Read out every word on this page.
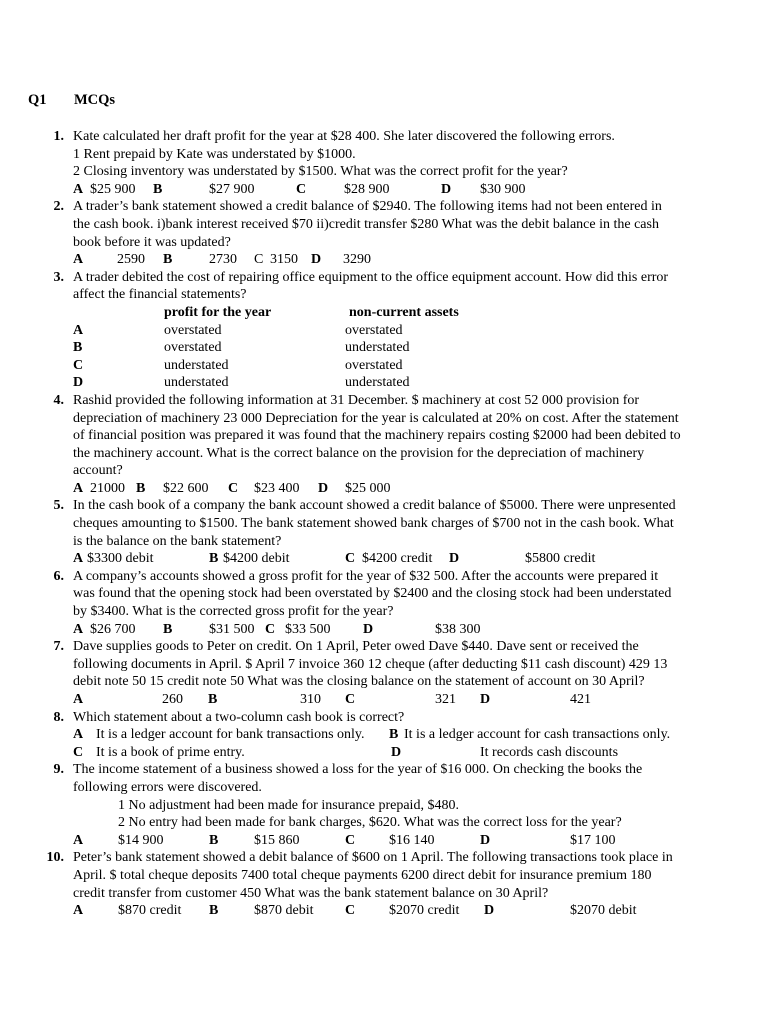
Q1 MCQs
1. Kate calculated her draft profit for the year at $28 400. She later discovered the following errors.
1 Rent prepaid by Kate was understated by $1000.
2 Closing inventory was understated by $1500. What was the correct profit for the year?
A $25 900 B	$27 900	C	$28 900	D $30 900
2. A trader’s bank statement showed a credit balance of $2940. The following items had not been entered in
the cash book. i)bank interest received $70 ii)credit transfer $280 What was the debit balance in the cash
book before it was updated?
A 2590 B	2730 C 3150 D 3290
3. A trader debited the cost of repairing office equipment to the office equipment account. How did this error
affect the financial statements?
profit for the year	non-current assets
A	overstated	overstated
B	overstated	understated
C	understated	overstated
D	understated	understated
4. Rashid provided the following information at 31 December. $ machinery at cost 52 000 provision for
depreciation of machinery 23 000 Depreciation for the year is calculated at 20% on cost. After the statement
of financial position was prepared it was found that the machinery repairs costing $2000 had been debited to
the machinery account. What is the correct balance on the provision for the depreciation of machinery
account?
A 21000 B $22 600 C $23 400 D $25 000
5. In the cash book of a company the bank account showed a credit balance of $5000. There were unpresented
cheques amounting to $1500. The bank statement showed bank charges of $700 not in the cash book. What
is the balance on the bank statement?
A $3300 debit	B $4200 debit	C $4200 credit D	$5800 credit
6. A company’s accounts showed a gross profit for the year of $32 500. After the accounts were prepared it
was found that the opening stock had been overstated by $2400 and the closing stock had been understated
by $3400. What is the corrected gross profit for the year?
A $26 700 B	$31 500 C $33 500 D	$38 300
7. Dave supplies goods to Peter on credit. On 1 April, Peter owed Dave $440. Dave sent or received the
following documents in April. $ April 7 invoice 360 12 cheque (after deducting $11 cash discount) 429 13
debit note 50 15 credit note 50 What was the closing balance on the statement of account on 30 April?
A	260 B	310 C	321 D	421
8. Which statement about a two-column cash book is correct?
A It is a ledger account for bank transactions only. B It is a ledger account for cash transactions only.
C It is a book of prime entry.	D	It records cash discounts
9. The income statement of a business showed a loss for the year of $16 000. On checking the books the
following errors were discovered.
1 No adjustment had been made for insurance prepaid, $480.
2 No entry had been made for bank charges, $620. What was the correct loss for the year?
A $14 900	B	$15 860	C $16 140	D	$17 100
10. Peter’s bank statement showed a debit balance of $600 on 1 April. The following transactions took place in
April. $ total cheque deposits 7400 total cheque payments 6200 direct debit for insurance premium 180
credit transfer from customer 450 What was the bank statement balance on 30 April?
A $870 credit B	$870 debit C $2070 credit D	$2070 debit
